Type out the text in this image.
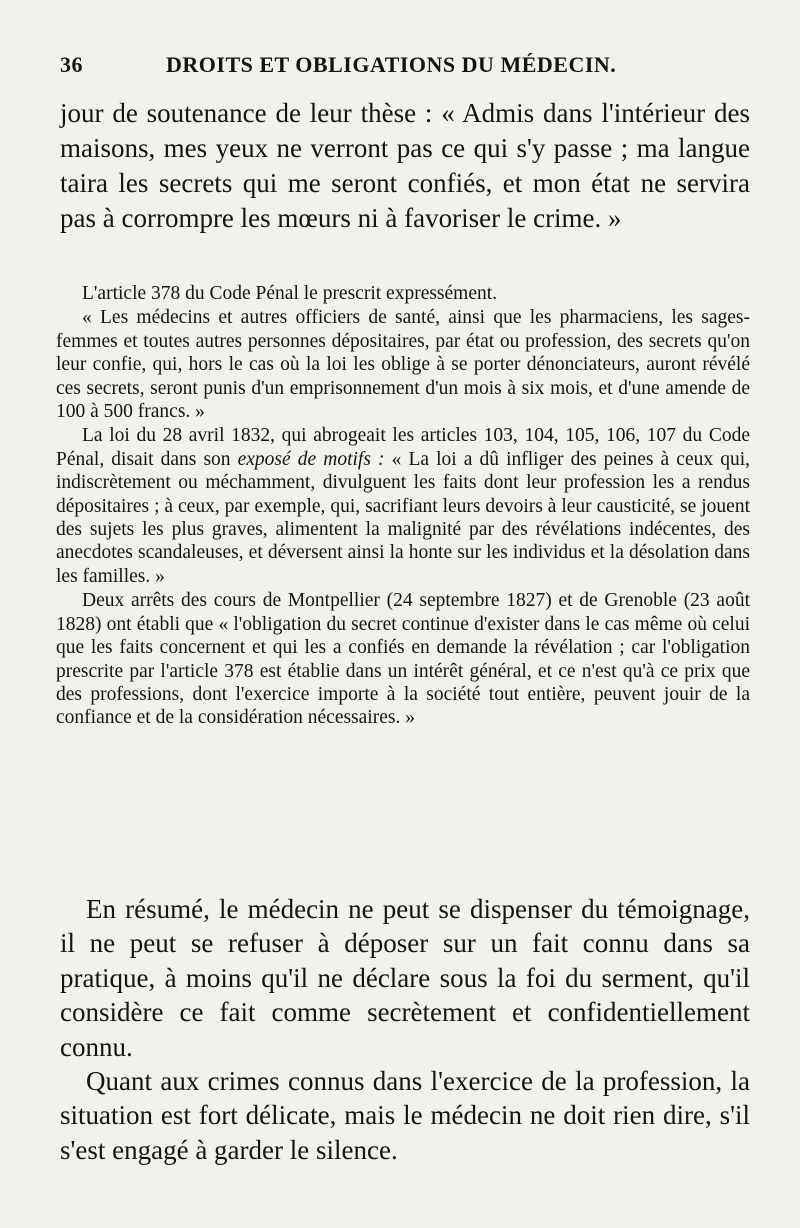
36	DROITS ET OBLIGATIONS DU MÉDECIN.

jour de soutenance de leur thèse : « Admis dans l'intérieur des maisons, mes yeux ne verront pas ce qui s'y passe ; ma langue taira les secrets qui me seront confiés, et mon état ne servira pas à corrompre les mœurs ni à favoriser le crime. »

L'article 378 du Code Pénal le prescrit expressément.

« Les médecins et autres officiers de santé, ainsi que les pharmaciens, les sages-femmes et toutes autres personnes dépositaires, par état ou profession, des secrets qu'on leur confie, qui, hors le cas où la loi les oblige à se porter dénonciateurs, auront révélé ces secrets, seront punis d'un emprisonnement d'un mois à six mois, et d'une amende de 100 à 500 francs. »

La loi du 28 avril 1832, qui abrogeait les articles 103, 104, 105, 106, 107 du Code Pénal, disait dans son exposé de motifs : « La loi a dû infliger des peines à ceux qui, indiscrètement ou méchamment, divulguent les faits dont leur profession les a rendus dépositaires ; à ceux, par exemple, qui, sacrifiant leurs devoirs à leur causticité, se jouent des sujets les plus graves, alimentent la malignité par des révélations indécentes, des anecdotes scandaleuses, et déversent ainsi la honte sur les individus et la désolation dans les familles. »

Deux arrêts des cours de Montpellier (24 septembre 1827) et de Grenoble (23 août 1828) ont établi que « l'obligation du secret continue d'exister dans le cas même où celui que les faits concernent et qui les a confiés en demande la révélation ; car l'obligation prescrite par l'article 378 est établie dans un intérêt général, et ce n'est qu'à ce prix que des professions, dont l'exercice importe à la société tout entière, peuvent jouir de la confiance et de la considération nécessaires. »

En résumé, le médecin ne peut se dispenser du témoignage, il ne peut se refuser à déposer sur un fait connu dans sa pratique, à moins qu'il ne déclare sous la foi du serment, qu'il considère ce fait comme secrètement et confidentiellement connu.

Quant aux crimes connus dans l'exercice de la profession, la situation est fort délicate, mais le médecin ne doit rien dire, s'il s'est engagé à garder le silence.
